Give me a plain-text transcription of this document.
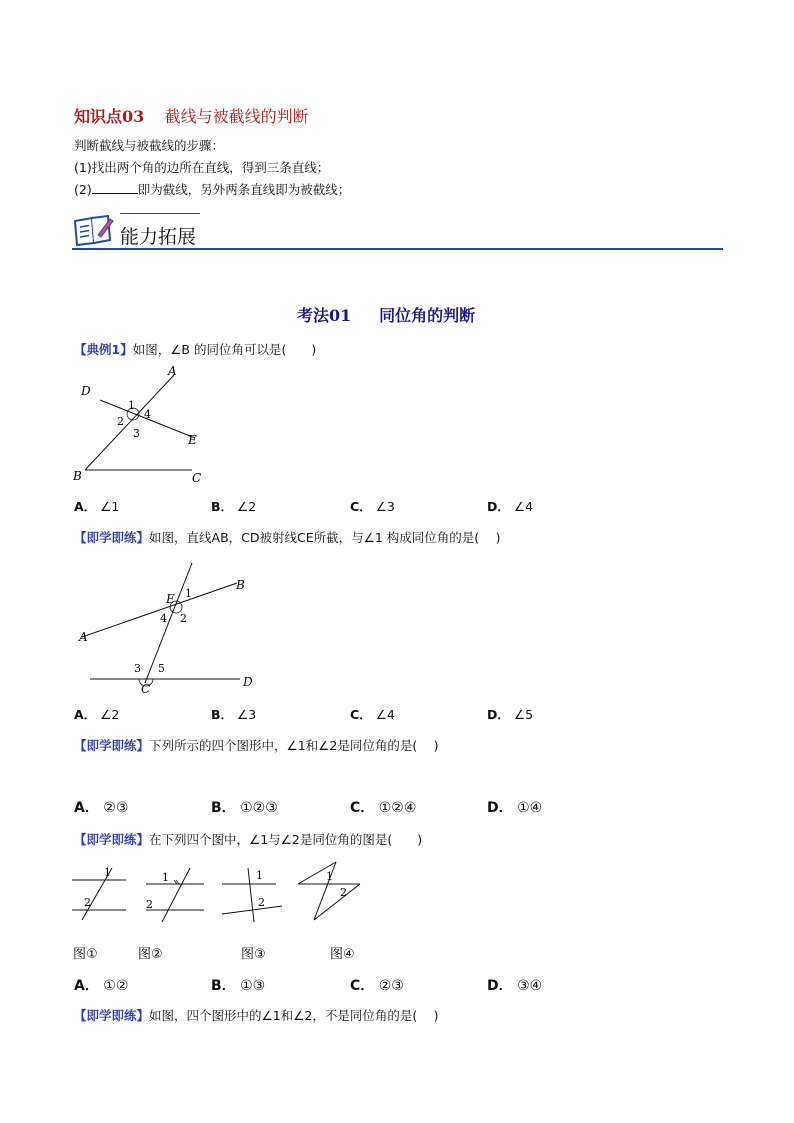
知识点03 截线与被截线的判断
判断截线与被截线的步骤：
(1)找出两个角的边所在直线，得到三条直线；
(2)	即为截线，另外两条直线即为被截线；
能力拓展
考法01 同位角的判断
【典例1】如图，∠B 的同位角可以是(　　)
D
A
1
4
2
3	E
B	C
A． ∠1	B． ∠2	C． ∠3	D． ∠4
【即学即练】如图，直线AB，CD被射线CE所截，与∠1 构成同位角的是(　 )
B
1
E
4 2
A
3 5
C	D
A． ∠2	B． ∠3	C． ∠4	D． ∠5
【即学即练】下列所示的四个图形中，∠1和∠2是同位角的是(　 )
A． ②③	B． ①②③	C． ①②④	D． ①④
【即学即练】在下列四个图中，∠1与∠2是同位角的图是(　　)
1
2
1
2
1
2
1
2
图①	图②	图③	图④
A． ①②	B． ①③	C． ②③	D． ③④
【即学即练】如图，四个图形中的∠1和∠2，不是同位角的是(　 )
